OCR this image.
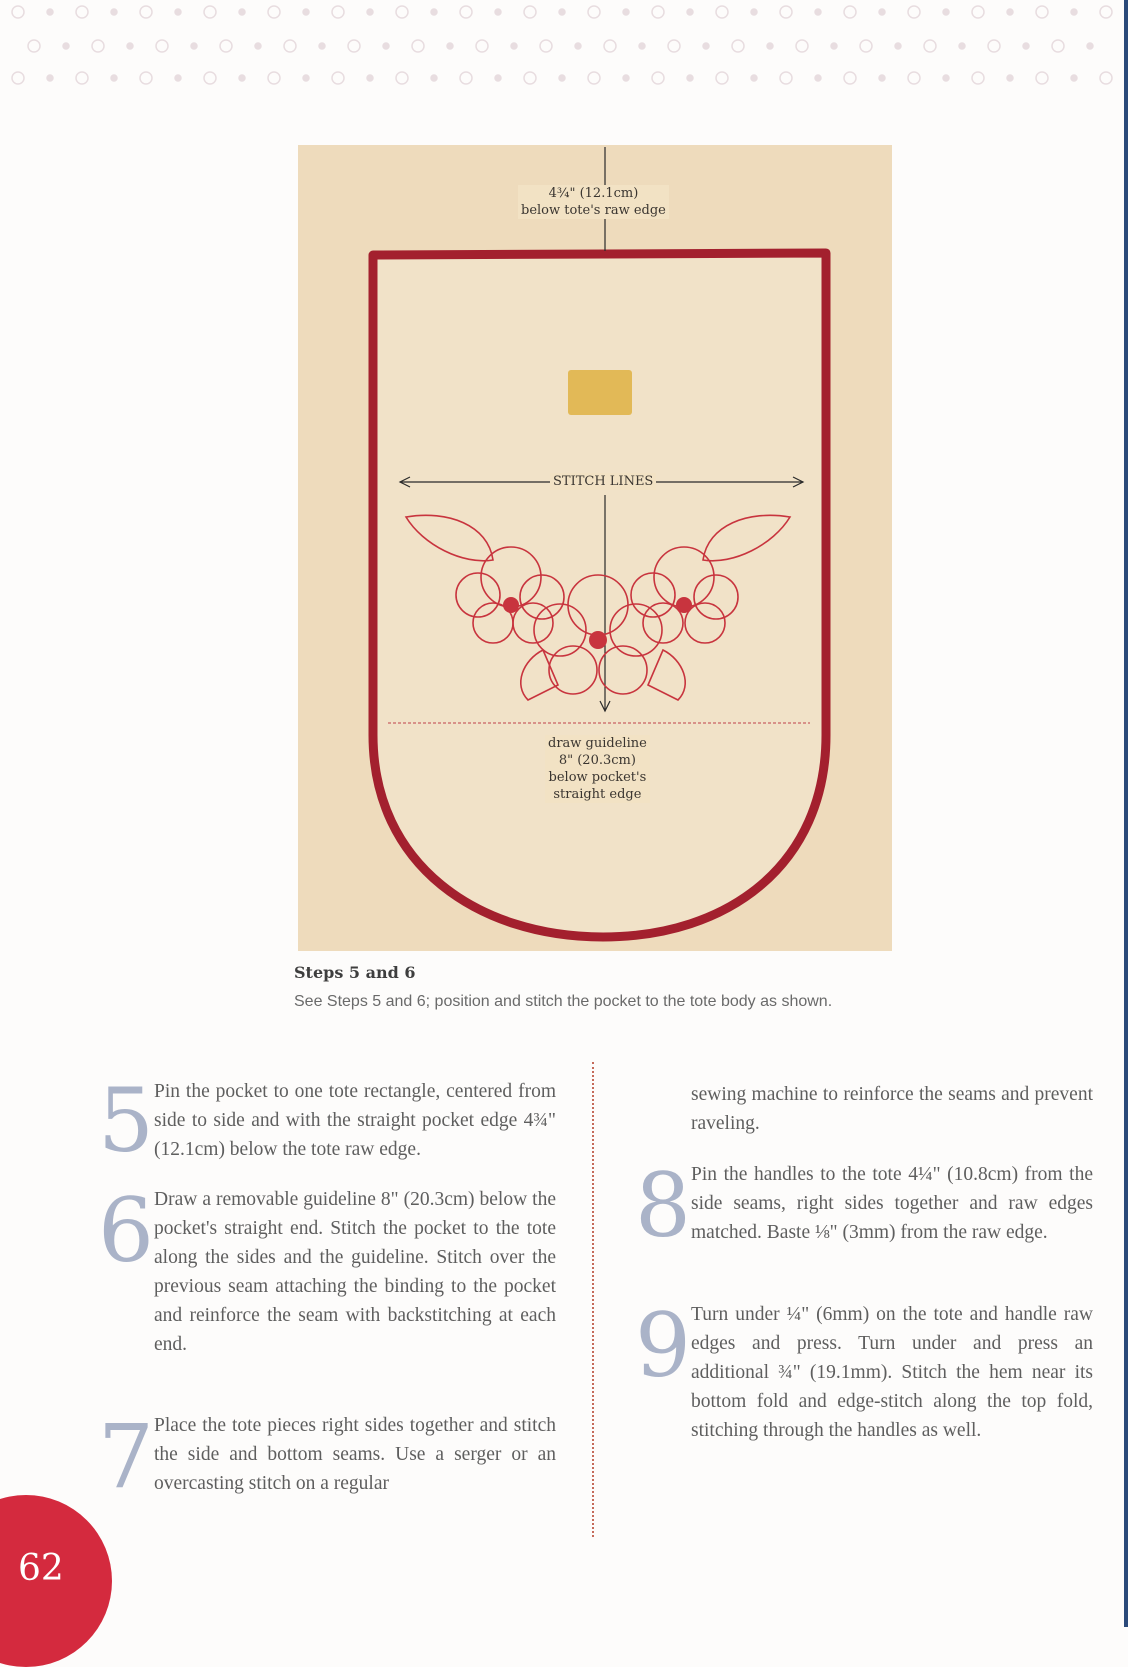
4¾" (12.1cm)
below tote's raw edge
STITCH LINES
draw guideline
8" (20.3cm)
below pocket's
straight edge
Steps 5 and 6
See Steps 5 and 6; position and stitch the pocket to the tote body as shown.
5 Pin the pocket to one tote rectangle, centered from side to side and with the straight pocket edge 4¾" (12.1cm) below the tote raw edge.
6 Draw a removable guideline 8" (20.3cm) below the pocket's straight end. Stitch the pocket to the tote along the sides and the guideline. Stitch over the previous seam attaching the binding to the pocket and reinforce the seam with backstitching at each end.
7 Place the tote pieces right sides together and stitch the side and bottom seams. Use a serger or an overcasting stitch on a regular
sewing machine to reinforce the seams and prevent raveling.
8 Pin the handles to the tote 4¼" (10.8cm) from the side seams, right sides together and raw edges matched. Baste ⅛" (3mm) from the raw edge.
9 Turn under ¼" (6mm) on the tote and handle raw edges and press. Turn under and press an additional ¾" (19.1mm). Stitch the hem near its bottom fold and edge-stitch along the top fold, stitching through the handles as well.
62
